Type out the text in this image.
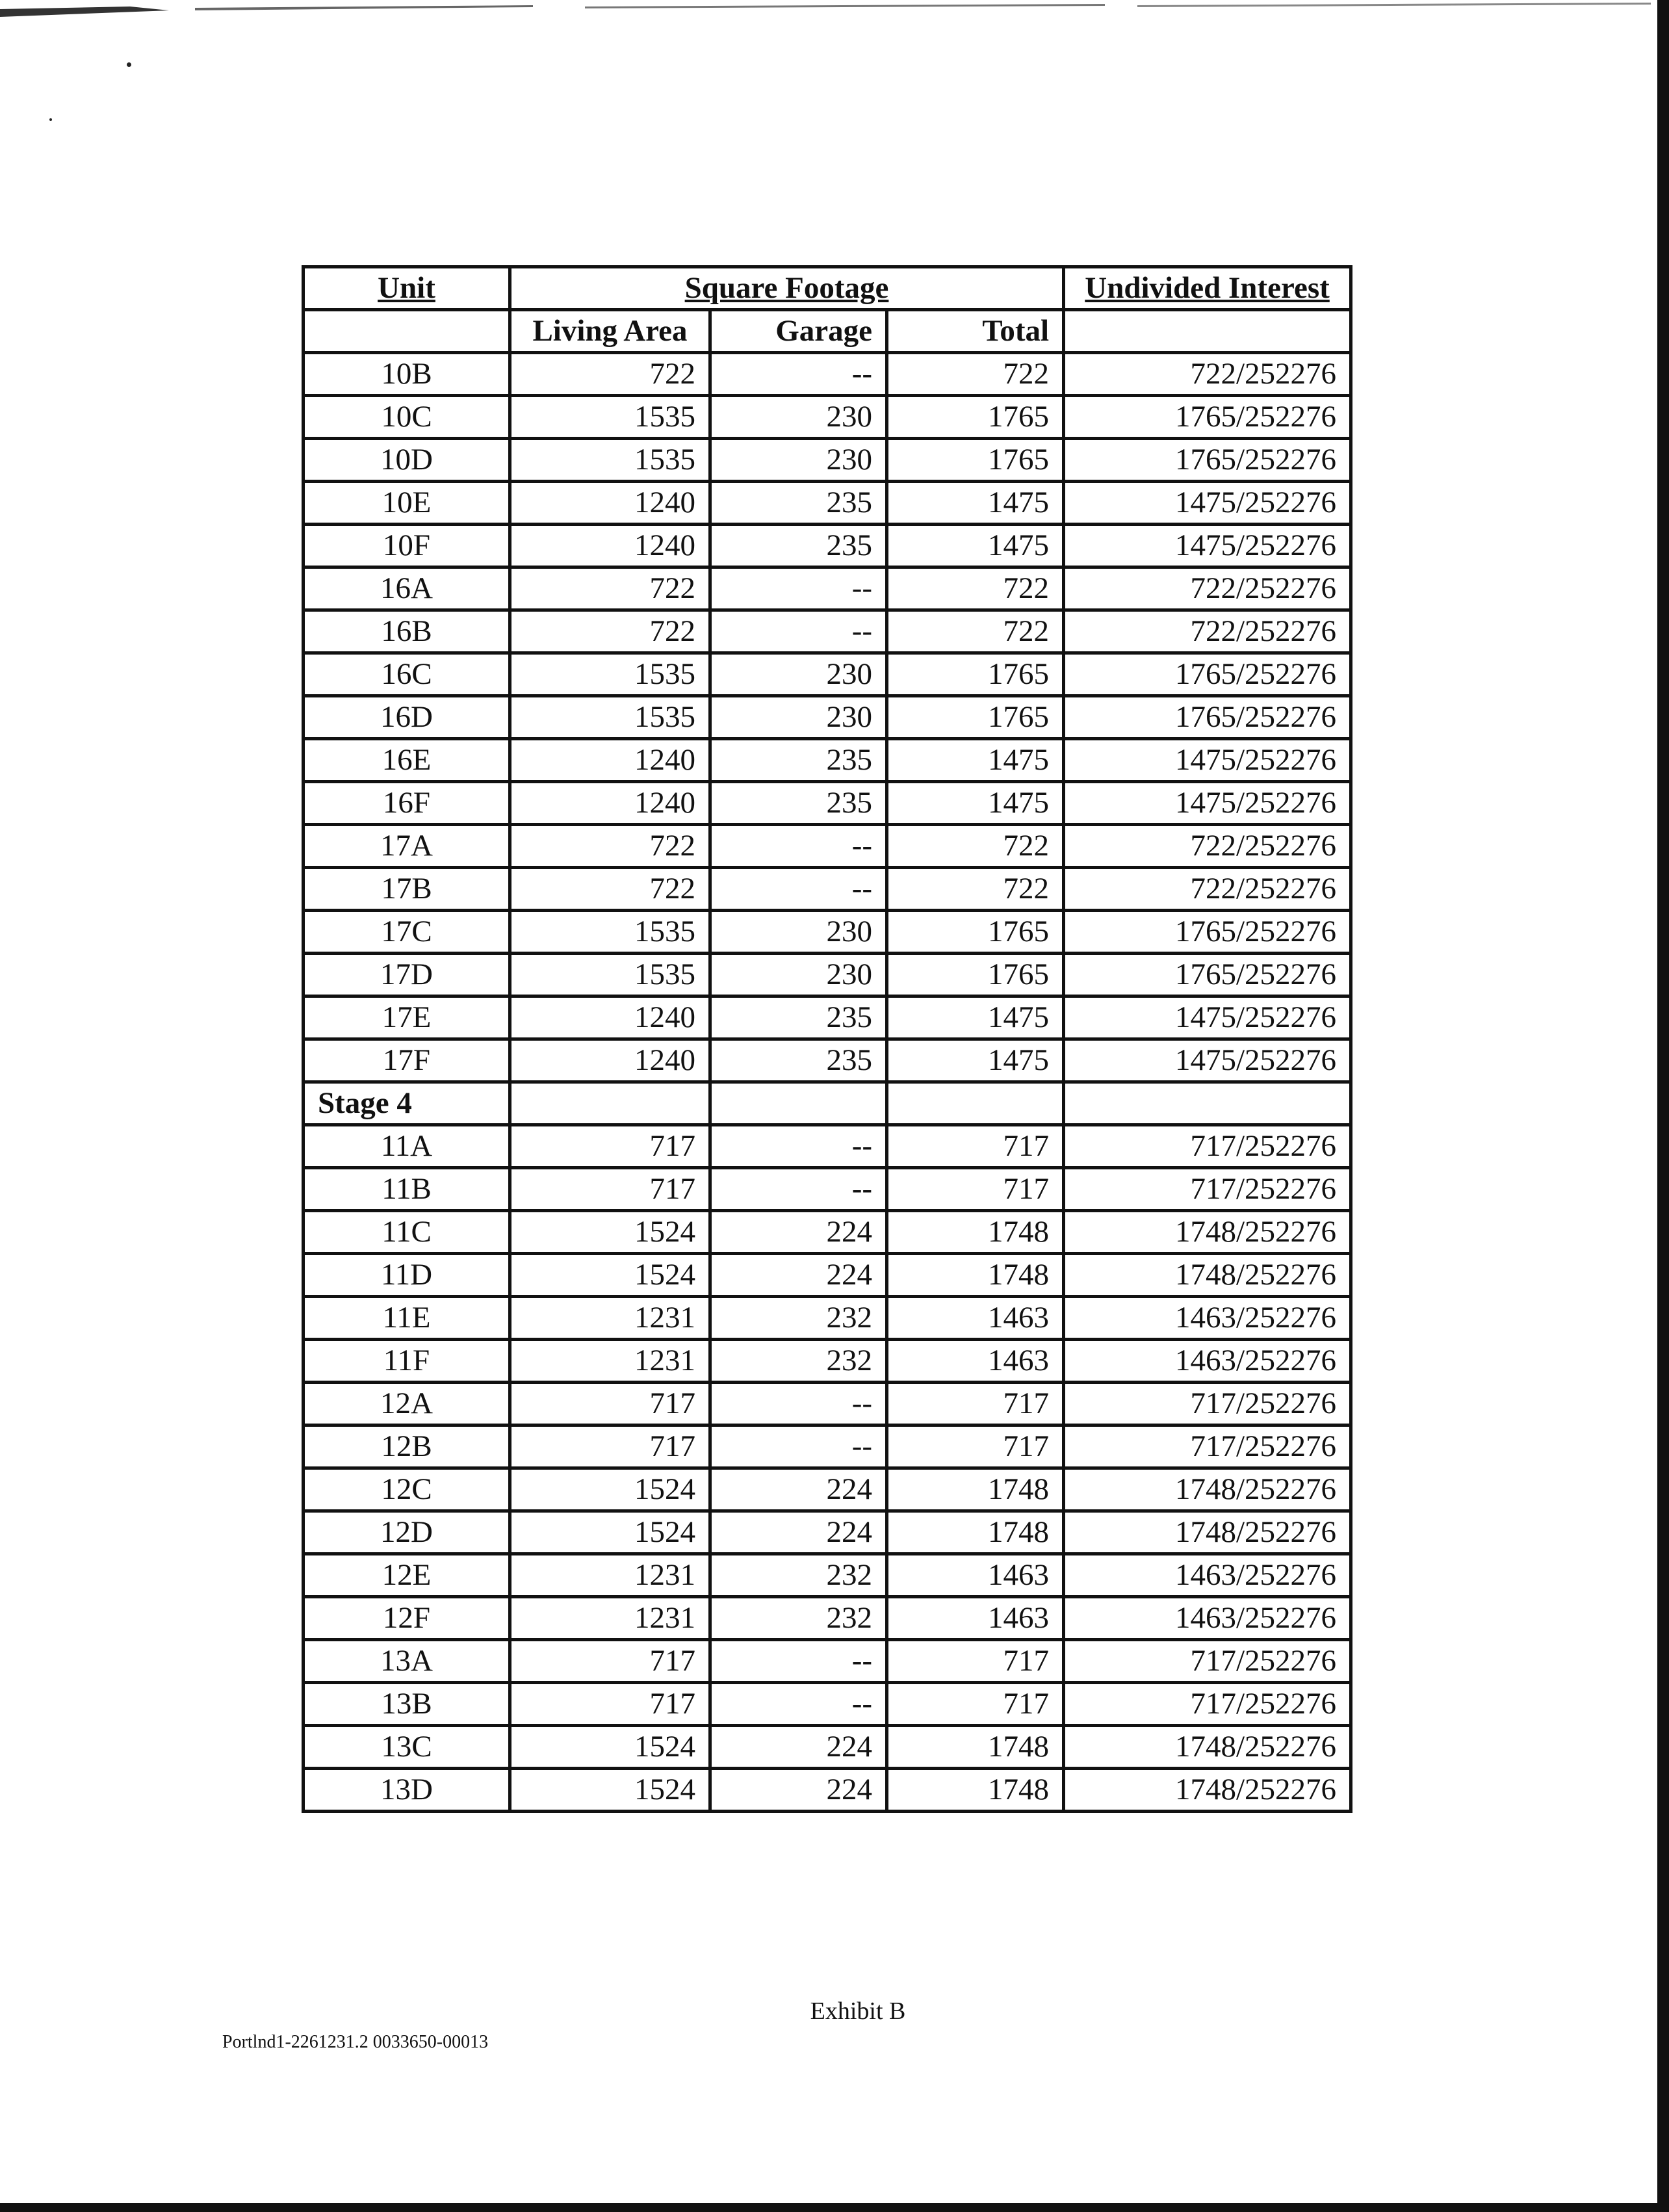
Unit	Square Footage			Undivided Interest
	Living Area	Garage	Total	
10B	722	--	722	722/252276
10C	1535	230	1765	1765/252276
10D	1535	230	1765	1765/252276
10E	1240	235	1475	1475/252276
10F	1240	235	1475	1475/252276
16A	722	--	722	722/252276
16B	722	--	722	722/252276
16C	1535	230	1765	1765/252276
16D	1535	230	1765	1765/252276
16E	1240	235	1475	1475/252276
16F	1240	235	1475	1475/252276
17A	722	--	722	722/252276
17B	722	--	722	722/252276
17C	1535	230	1765	1765/252276
17D	1535	230	1765	1765/252276
17E	1240	235	1475	1475/252276
17F	1240	235	1475	1475/252276
Stage 4				
11A	717	--	717	717/252276
11B	717	--	717	717/252276
11C	1524	224	1748	1748/252276
11D	1524	224	1748	1748/252276
11E	1231	232	1463	1463/252276
11F	1231	232	1463	1463/252276
12A	717	--	717	717/252276
12B	717	--	717	717/252276
12C	1524	224	1748	1748/252276
12D	1524	224	1748	1748/252276
12E	1231	232	1463	1463/252276
12F	1231	232	1463	1463/252276
13A	717	--	717	717/252276
13B	717	--	717	717/252276
13C	1524	224	1748	1748/252276
13D	1524	224	1748	1748/252276
Exhibit B
Portlnd1-2261231.2 0033650-00013
